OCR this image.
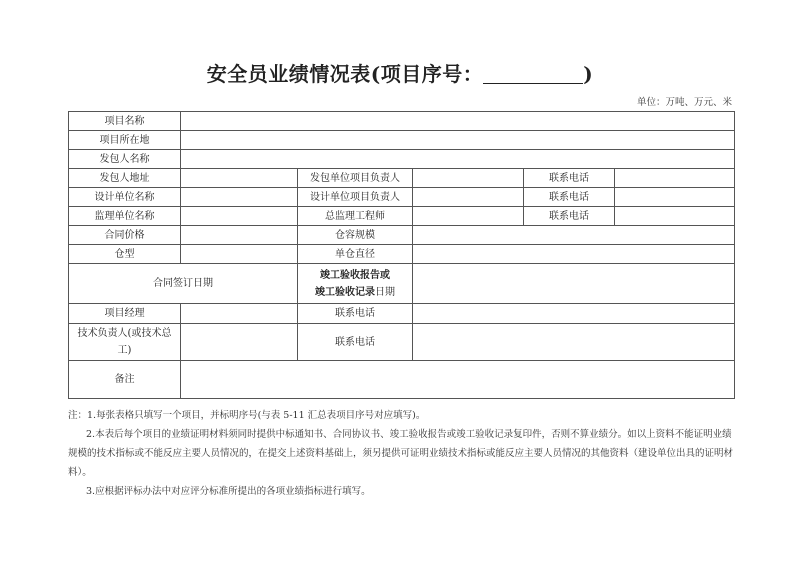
安全员业绩情况表(项目序号：	)
单位：万吨、万元、米
项目名称					
项目所在地					
发包人名称					
发包人地址		发包单位项目负责人		联系电话	
设计单位名称		设计单位项目负责人		联系电话	
监理单位名称		总监理工程师		联系电话	
合同价格		仓容规模			
仓型		单仓直径			
合同签订日期		竣工验收报告或
竣工验收记录日期			
项目经理		联系电话			
技术负责人(或技术总工)		联系电话			
备注					

注：1.每张表格只填写一个项目，并标明序号(与表 5-11 汇总表项目序号对应填写)。

2.本表后每个项目的业绩证明材料须同时提供中标通知书、合同协议书、竣工验收报告或竣工验收记录复印件，否则不算业绩分。如以上资料不能证明业绩规模的技术指标或不能反应主要人员情况的，在提交上述资料基础上，须另提供可证明业绩技术指标或能反应主要人员情况的其他资料（建设单位出具的证明材料）。

3.应根据评标办法中对应评分标准所提出的各项业绩指标进行填写。
